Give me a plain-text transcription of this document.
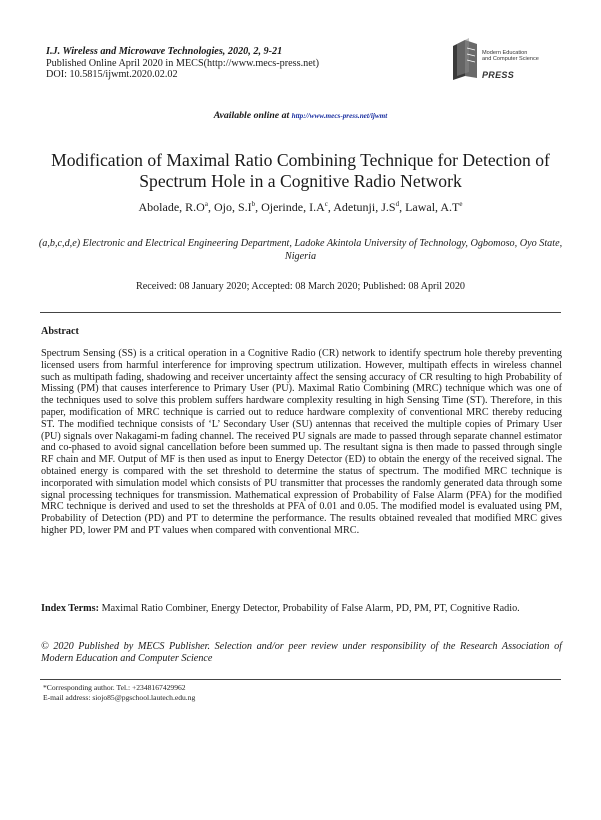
I.J. Wireless and Microwave Technologies, 2020, 2, 9-21
Published Online April 2020 in MECS(http://www.mecs-press.net)
DOI: 10.5815/ijwmt.2020.02.02
Modern Education
and Computer Science
PRESS
Available online at http://www.mecs-press.net/ijwmt
Modification of Maximal Ratio Combining Technique for Detection of Spectrum Hole in a Cognitive Radio Network
Abolade, $R.O^a$, Ojo, $S.I^b$, Ojerinde, $I.A^c$, Adetunji, $J.S^d$, Lawal, $A.T^e$
(a,b,c,d,e) Electronic and Electrical Engineering Department, Ladoke Akintola University of Technology, Ogbomoso, Oyo State, Nigeria
Received: 08 January 2020; Accepted: 08 March 2020; Published: 08 April 2020
Abstract
Spectrum Sensing (SS) is a critical operation in a Cognitive Radio (CR) network to identify spectrum hole thereby preventing licensed users from harmful interference for improving spectrum utilization. However, multipath effects in wireless channel such as multipath fading, shadowing and receiver uncertainty affect the sensing accuracy of CR resulting to high Probability of Missing (PM) that causes interference to Primary User (PU). Maximal Ratio Combining (MRC) technique which was one of the techniques used to solve this problem suffers hardware complexity resulting in high Sensing Time (ST). Therefore, in this paper, modification of MRC technique is carried out to reduce hardware complexity of conventional MRC thereby reducing ST. The modified technique consists of ‘L’ Secondary User (SU) antennas that received the multiple copies of Primary User (PU) signals over Nakagami-m fading channel. The received PU signals are made to passed through separate channel estimator and co-phased to avoid signal cancellation before been summed up. The resultant signa is then made to passed through single RF chain and MF. Output of MF is then used as input to Energy Detector (ED) to obtain the energy of the received signal. The obtained energy is compared with the set threshold to determine the status of spectrum. The modified MRC technique is incorporated with simulation model which consists of PU transmitter that processes the randomly generated data through some signal processing techniques for transmission. Mathematical expression of Probability of False Alarm (PFA) for the modified MRC technique is derived and used to set the thresholds at PFA of 0.01 and 0.05. The modified model is evaluated using PM, Probability of Detection (PD) and PT to determine the performance. The results obtained revealed that modified MRC gives higher PD, lower PM and PT values when compared with conventional MRC.
Index Terms: Maximal Ratio Combiner, Energy Detector, Probability of False Alarm, PD, PM, PT, Cognitive Radio.
© 2020 Published by MECS Publisher. Selection and/or peer review under responsibility of the Research Association of Modern Education and Computer Science
*Corresponding author. Tel.: +2348167429962
E-mail address: siojo85@pgschool.lautech.edu.ng
